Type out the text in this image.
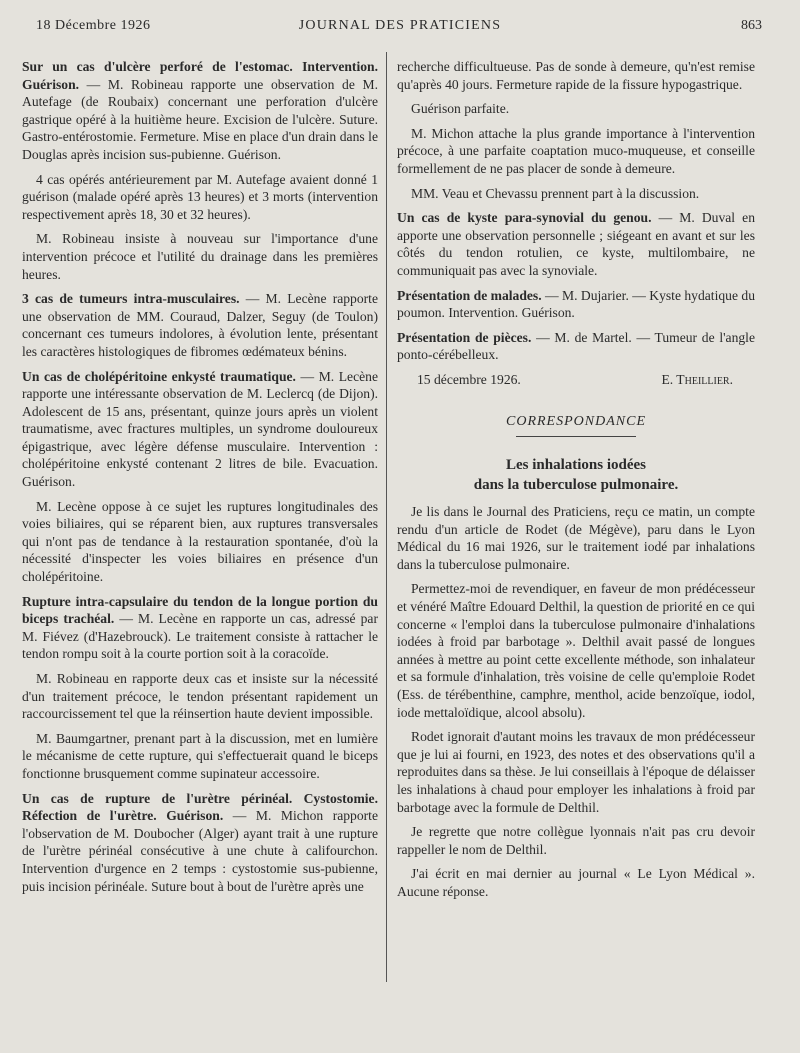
18 Décembre 1926	JOURNAL DES PRATICIENS	863

Sur un cas d'ulcère perforé de l'estomac. Intervention. Guérison. — M. Robineau rapporte une observation de M. Autefage (de Roubaix) concernant une perforation d'ulcère gastrique opéré à la huitième heure. Excision de l'ulcère. Suture. Gastro-entérostomie. Fermeture. Mise en place d'un drain dans le Douglas après incision sus-pubienne. Guérison.

4 cas opérés antérieurement par M. Autefage avaient donné 1 guérison (malade opéré après 13 heures) et 3 morts (intervention respectivement après 18, 30 et 32 heures).

M. Robineau insiste à nouveau sur l'importance d'une intervention précoce et l'utilité du drainage dans les premières heures.

3 cas de tumeurs intra-musculaires. — M. Lecène rapporte une observation de MM. Couraud, Dalzer, Seguy (de Toulon) concernant ces tumeurs indolores, à évolution lente, présentant les caractères histologiques de fibromes œdémateux bénins.

Un cas de cholépéritoine enkysté traumatique. — M. Lecène rapporte une intéressante observation de M. Leclercq (de Dijon). Adolescent de 15 ans, présentant, quinze jours après un violent traumatisme, avec fractures multiples, un syndrome douloureux épigastrique, avec légère défense musculaire. Intervention : cholépéritoine enkysté contenant 2 litres de bile. Evacuation. Guérison.

M. Lecène oppose à ce sujet les ruptures longitudinales des voies biliaires, qui se réparent bien, aux ruptures transversales qui n'ont pas de tendance à la restauration spontanée, d'où la nécessité d'inspecter les voies biliaires en présence d'un cholépéritoine.

Rupture intra-capsulaire du tendon de la longue portion du biceps trachéal. — M. Lecène en rapporte un cas, adressé par M. Fiévez (d'Hazebrouck). Le traitement consiste à rattacher le tendon rompu soit à la courte portion soit à la coracoïde.

M. Robineau en rapporte deux cas et insiste sur la nécessité d'un traitement précoce, le tendon présentant rapidement un raccourcissement tel que la réinsertion haute devient impossible.

M. Baumgartner, prenant part à la discussion, met en lumière le mécanisme de cette rupture, qui s'effectuerait quand le biceps fonctionne brusquement comme supinateur accessoire.

Un cas de rupture de l'urètre périnéal. Cystostomie. Réfection de l'urètre. Guérison. — M. Michon rapporte l'observation de M. Doubocher (Alger) ayant trait à une rupture de l'urètre périnéal consécutive à une chute à califourchon. Intervention d'urgence en 2 temps : cystostomie sus-pubienne, puis incision périnéale. Suture bout à bout de l'urètre après une

recherche difficultueuse. Pas de sonde à demeure, qu'n'est remise qu'après 40 jours. Fermeture rapide de la fissure hypogastrique.

Guérison parfaite.

M. Michon attache la plus grande importance à l'intervention précoce, à une parfaite coaptation muco-muqueuse, et conseille formellement de ne pas placer de sonde à demeure.

MM. Veau et Chevassu prennent part à la discussion.

Un cas de kyste para-synovial du genou. — M. Duval en apporte une observation personnelle ; siégeant en avant et sur les côtés du tendon rotulien, ce kyste, multilombaire, ne communiquait pas avec la synoviale.

Présentation de malades. — M. Dujarier. — Kyste hydatique du poumon. Intervention. Guérison.

Présentation de pièces. — M. de Martel. — Tumeur de l'angle ponto-cérébelleux.

15 décembre 1926.	E. Theillier.
CORRESPONDANCE
Les inhalations iodées
dans la tuberculose pulmonaire.

Je lis dans le Journal des Praticiens, reçu ce matin, un compte rendu d'un article de Rodet (de Mégève), paru dans le Lyon Médical du 16 mai 1926, sur le traitement iodé par inhalations dans la tuberculose pulmonaire.

Permettez-moi de revendiquer, en faveur de mon prédécesseur et vénéré Maître Edouard Delthil, la question de priorité en ce qui concerne « l'emploi dans la tuberculose pulmonaire d'inhalations iodées à froid par barbotage ». Delthil avait passé de longues années à mettre au point cette excellente méthode, son inhalateur et sa formule d'inhalation, très voisine de celle qu'emploie Rodet (Ess. de térébenthine, camphre, menthol, acide benzoïque, iodol, iode mettaloïdique, alcool absolu).

Rodet ignorait d'autant moins les travaux de mon prédécesseur que je lui ai fourni, en 1923, des notes et des observations qu'il a reproduites dans sa thèse. Je lui conseillais à l'époque de délaisser les inhalations à chaud pour employer les inhalations à froid par barbotage avec la formule de Delthil.

Je regrette que notre collègue lyonnais n'ait pas cru devoir rappeller le nom de Delthil.

J'ai écrit en mai dernier au journal « Le Lyon Médical ». Aucune réponse.
